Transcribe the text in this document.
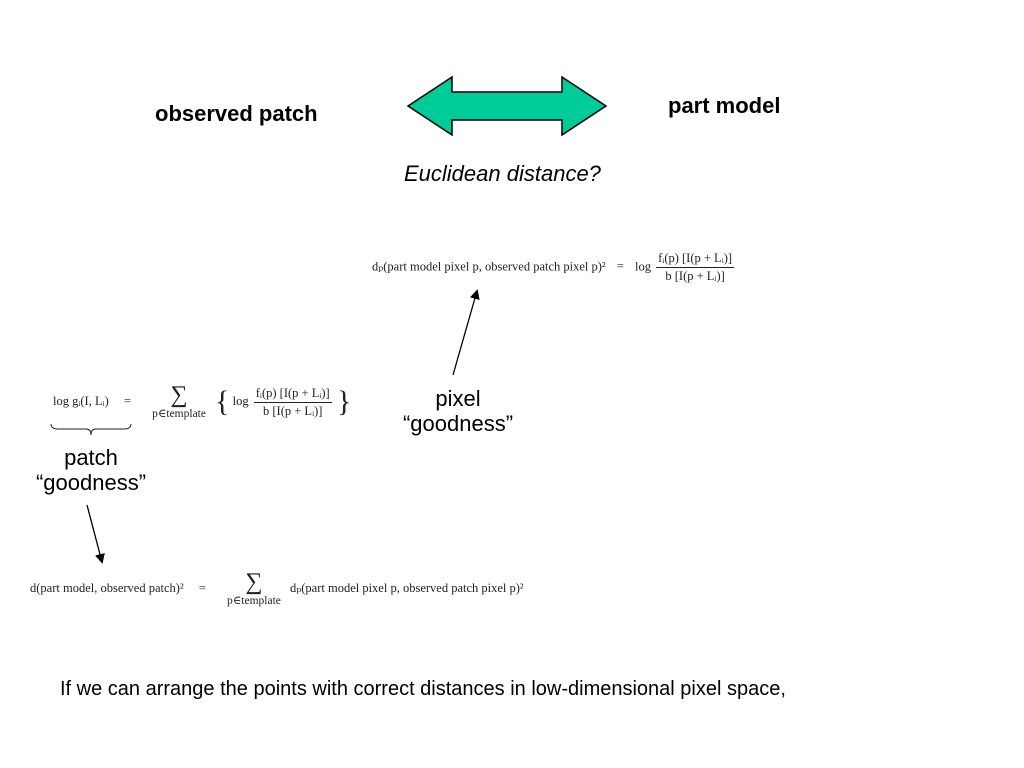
observed patch	part model
Euclidean distance?
dₚ(part model pixel p, observed patch pixel $p)^2 = \log \frac{\text{fᵢ(p) [I(p + Lᵢ)]}}{\text{b [I(p + Lᵢ)]}}$
log gᵢ(I, Lᵢ) = ∑
p∈template { $\log \frac{\text{fᵢ(p) [I(p + Lᵢ)]}}{\text{b [I(p + Lᵢ)]}}$ }	pixel
“goodness”
patch
“goodness”
d(part model, observed patch)² = ∑
p∈template
dₚ(part model pixel p, observed patch pixel p)²
If we can arrange the points with correct distances in low-dimensional pixel space,
